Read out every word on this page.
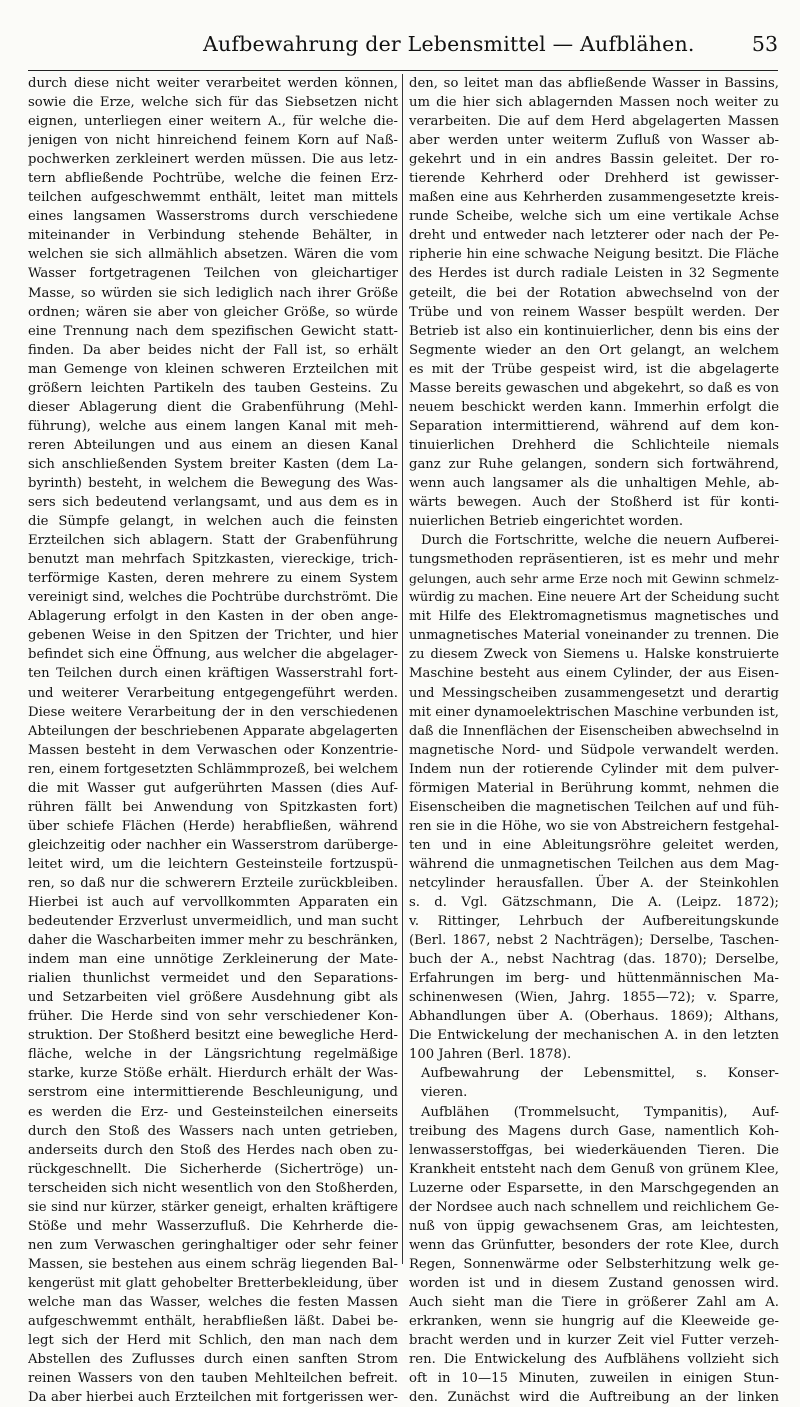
Aufbewahrung der Lebensmittel — Aufblähen.	53
durch diese nicht weiter verarbeitet werden können,
sowie die Erze, welche sich für das Siebsetzen nicht
eignen, unterliegen einer weitern A., für welche die-
jenigen von nicht hinreichend feinem Korn auf Naß-
pochwerken zerkleinert werden müssen. Die aus letz-
tern abfließende Pochtrübe, welche die feinen Erz-
teilchen aufgeschwemmt enthält, leitet man mittels
eines langsamen Wasserstroms durch verschiedene
miteinander in Verbindung stehende Behälter, in
welchen sie sich allmählich absetzen. Wären die vom
Wasser fortgetragenen Teilchen von gleichartiger
Masse, so würden sie sich lediglich nach ihrer Größe
ordnen; wären sie aber von gleicher Größe, so würde
eine Trennung nach dem spezifischen Gewicht statt-
finden. Da aber beides nicht der Fall ist, so erhält
man Gemenge von kleinen schweren Erzteilchen mit
größern leichten Partikeln des tauben Gesteins. Zu
dieser Ablagerung dient die Grabenführung (Mehl-
führung), welche aus einem langen Kanal mit meh-
reren Abteilungen und aus einem an diesen Kanal
sich anschließenden System breiter Kasten (dem La-
byrinth) besteht, in welchem die Bewegung des Was-
sers sich bedeutend verlangsamt, und aus dem es in
die Sümpfe gelangt, in welchen auch die feinsten
Erzteilchen sich ablagern. Statt der Grabenführung
benutzt man mehrfach Spitzkasten, viereckige, trich-
terförmige Kasten, deren mehrere zu einem System
vereinigt sind, welches die Pochtrübe durchströmt. Die
Ablagerung erfolgt in den Kasten in der oben ange-
gebenen Weise in den Spitzen der Trichter, und hier
befindet sich eine Öffnung, aus welcher die abgelager-
ten Teilchen durch einen kräftigen Wasserstrahl fort-
und weiterer Verarbeitung entgegengeführt werden.
Diese weitere Verarbeitung der in den verschiedenen
Abteilungen der beschriebenen Apparate abgelagerten
Massen besteht in dem Verwaschen oder Konzentrie-
ren, einem fortgesetzten Schlämmprozeß, bei welchem
die mit Wasser gut aufgerührten Massen (dies Auf-
rühren fällt bei Anwendung von Spitzkasten fort)
über schiefe Flächen (Herde) herabfließen, während
gleichzeitig oder nachher ein Wasserstrom darüberge-
leitet wird, um die leichtern Gesteinsteile fortzuspü-
ren, so daß nur die schwerern Erzteile zurückbleiben.
Hierbei ist auch auf vervollkommten Apparaten ein
bedeutender Erzverlust unvermeidlich, und man sucht
daher die Wascharbeiten immer mehr zu beschränken,
indem man eine unnötige Zerkleinerung der Mate-
rialien thunlichst vermeidet und den Separations-
und Setzarbeiten viel größere Ausdehnung gibt als
früher. Die Herde sind von sehr verschiedener Kon-
struktion. Der Stoßherd besitzt eine bewegliche Herd-
fläche, welche in der Längsrichtung regelmäßige
starke, kurze Stöße erhält. Hierdurch erhält der Was-
serstrom eine intermittierende Beschleunigung, und
es werden die Erz- und Gesteinsteilchen einerseits
durch den Stoß des Wassers nach unten getrieben,
anderseits durch den Stoß des Herdes nach oben zu-
rückgeschnellt. Die Sicherherde (Sichertröge) un-
terscheiden sich nicht wesentlich von den Stoßherden,
sie sind nur kürzer, stärker geneigt, erhalten kräftigere
Stöße und mehr Wasserzufluß. Die Kehrherde die-
nen zum Verwaschen geringhaltiger oder sehr feiner
Massen, sie bestehen aus einem schräg liegenden Bal-
kengerüst mit glatt gehobelter Bretterbekleidung, über
welche man das Wasser, welches die festen Massen
aufgeschwemmt enthält, herabfließen läßt. Dabei be-
legt sich der Herd mit Schlich, den man nach dem
Abstellen des Zuflusses durch einen sanften Strom
reinen Wassers von den tauben Mehlteilchen befreit.
Da aber hierbei auch Erzteilchen mit fortgerissen wer-
den, so leitet man das abfließende Wasser in Bassins,
um die hier sich ablagernden Massen noch weiter zu
verarbeiten. Die auf dem Herd abgelagerten Massen
aber werden unter weiterm Zufluß von Wasser ab-
gekehrt und in ein andres Bassin geleitet. Der ro-
tierende Kehrherd oder Drehherd ist gewisser-
maßen eine aus Kehrherden zusammengesetzte kreis-
runde Scheibe, welche sich um eine vertikale Achse
dreht und entweder nach letzterer oder nach der Pe-
ripherie hin eine schwache Neigung besitzt. Die Fläche
des Herdes ist durch radiale Leisten in 32 Segmente
geteilt, die bei der Rotation abwechselnd von der
Trübe und von reinem Wasser bespült werden. Der
Betrieb ist also ein kontinuierlicher, denn bis eins der
Segmente wieder an den Ort gelangt, an welchem
es mit der Trübe gespeist wird, ist die abgelagerte
Masse bereits gewaschen und abgekehrt, so daß es von
neuem beschickt werden kann. Immerhin erfolgt die
Separation intermittierend, während auf dem kon-
tinuierlichen Drehherd die Schlichteile niemals
ganz zur Ruhe gelangen, sondern sich fortwährend,
wenn auch langsamer als die unhaltigen Mehle, ab-
wärts bewegen. Auch der Stoßherd ist für konti-
nuierlichen Betrieb eingerichtet worden.
Durch die Fortschritte, welche die neuern Aufberei-
tungsmethoden repräsentieren, ist es mehr und mehr
gelungen, auch sehr arme Erze noch mit Gewinn schmelz-
würdig zu machen. Eine neuere Art der Scheidung sucht
mit Hilfe des Elektromagnetismus magnetisches und
unmagnetisches Material voneinander zu trennen. Die
zu diesem Zweck von Siemens u. Halske konstruierte
Maschine besteht aus einem Cylinder, der aus Eisen-
und Messingscheiben zusammengesetzt und derartig
mit einer dynamoelektrischen Maschine verbunden ist,
daß die Innenflächen der Eisenscheiben abwechselnd in
magnetische Nord- und Südpole verwandelt werden.
Indem nun der rotierende Cylinder mit dem pulver-
förmigen Material in Berührung kommt, nehmen die
Eisenscheiben die magnetischen Teilchen auf und füh-
ren sie in die Höhe, wo sie von Abstreichern festgehal-
ten und in eine Ableitungsröhre geleitet werden,
während die unmagnetischen Teilchen aus dem Mag-
netcylinder herausfallen. Über A. der Steinkohlen
s. d. Vgl. Gätzschmann, Die A. (Leipz. 1872);
v. Rittinger, Lehrbuch der Aufbereitungskunde
(Berl. 1867, nebst 2 Nachträgen); Derselbe, Taschen-
buch der A., nebst Nachtrag (das. 1870); Derselbe,
Erfahrungen im berg- und hüttenmännischen Ma-
schinenwesen (Wien, Jahrg. 1855—72); v. Sparre,
Abhandlungen über A. (Oberhaus. 1869); Althans,
Die Entwickelung der mechanischen A. in den letzten
100 Jahren (Berl. 1878).
Aufbewahrung der Lebensmittel, s. Konser-
vieren.
Aufblähen (Trommelsucht, Tympanitis), Auf-
treibung des Magens durch Gase, namentlich Koh-
lenwasserstoffgas, bei wiederkäuenden Tieren. Die
Krankheit entsteht nach dem Genuß von grünem Klee,
Luzerne oder Esparsette, in den Marschgegenden an
der Nordsee auch nach schnellem und reichlichem Ge-
nuß von üppig gewachsenem Gras, am leichtesten,
wenn das Grünfutter, besonders der rote Klee, durch
Regen, Sonnenwärme oder Selbsterhitzung welk ge-
worden ist und in diesem Zustand genossen wird.
Auch sieht man die Tiere in größerer Zahl am A.
erkranken, wenn sie hungrig auf die Kleeweide ge-
bracht werden und in kurzer Zeit viel Futter verzeh-
ren. Die Entwickelung des Aufblähens vollzieht sich
oft in 10—15 Minuten, zuweilen in einigen Stun-
den. Zunächst wird die Auftreibung an der linken
